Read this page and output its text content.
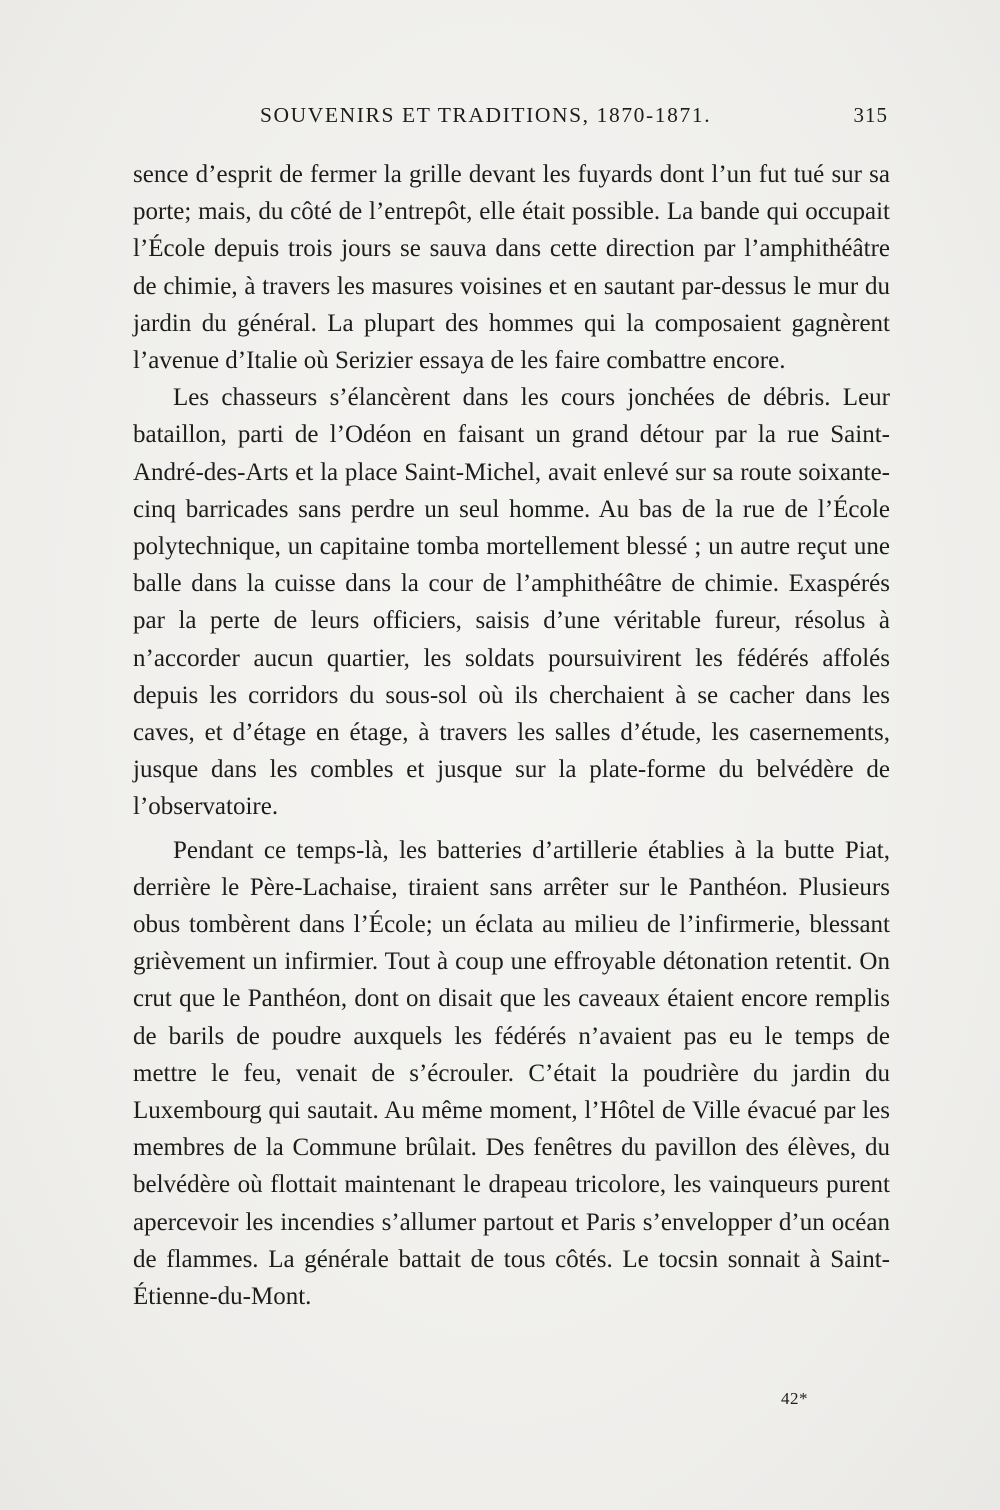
SOUVENIRS ET TRADITIONS, 1870-1871.	315

sence d’esprit de fermer la grille devant les fuyards dont l’un fut tué sur sa porte; mais, du côté de l’entrepôt, elle était possible. La bande qui occupait l’École depuis trois jours se sauva dans cette direction par l’amphithéâtre de chimie, à travers les masures voisines et en sautant par-dessus le mur du jardin du général. La plupart des hommes qui la composaient gagnèrent l’avenue d’Italie où Serizier essaya de les faire combattre encore.

Les chasseurs s’élancèrent dans les cours jonchées de débris. Leur bataillon, parti de l’Odéon en faisant un grand détour par la rue Saint-André-des-Arts et la place Saint-Michel, avait enlevé sur sa route soixante-cinq barricades sans perdre un seul homme. Au bas de la rue de l’École polytechnique, un capitaine tomba mortellement blessé ; un autre reçut une balle dans la cuisse dans la cour de l’amphithéâtre de chimie. Exaspérés par la perte de leurs officiers, saisis d’une véritable fureur, résolus à n’accorder aucun quartier, les soldats poursuivirent les fédérés affolés depuis les corridors du sous-sol où ils cherchaient à se cacher dans les caves, et d’étage en étage, à travers les salles d’étude, les casernements, jusque dans les combles et jusque sur la plate-forme du belvédère de l’observatoire.

Pendant ce temps-là, les batteries d’artillerie établies à la butte Piat, derrière le Père-Lachaise, tiraient sans arrêter sur le Panthéon. Plusieurs obus tombèrent dans l’École; un éclata au milieu de l’infirmerie, blessant grièvement un infirmier. Tout à coup une effroyable détonation retentit. On crut que le Panthéon, dont on disait que les caveaux étaient encore remplis de barils de poudre auxquels les fédérés n’avaient pas eu le temps de mettre le feu, venait de s’écrouler. C’était la poudrière du jardin du Luxembourg qui sautait. Au même moment, l’Hôtel de Ville évacué par les membres de la Commune brûlait. Des fenêtres du pavillon des élèves, du belvédère où flottait maintenant le drapeau tricolore, les vainqueurs purent apercevoir les incendies s’allumer partout et Paris s’envelopper d’un océan de flammes. La générale battait de tous côtés. Le tocsin sonnait à Saint-Étienne-du-Mont.

42*
